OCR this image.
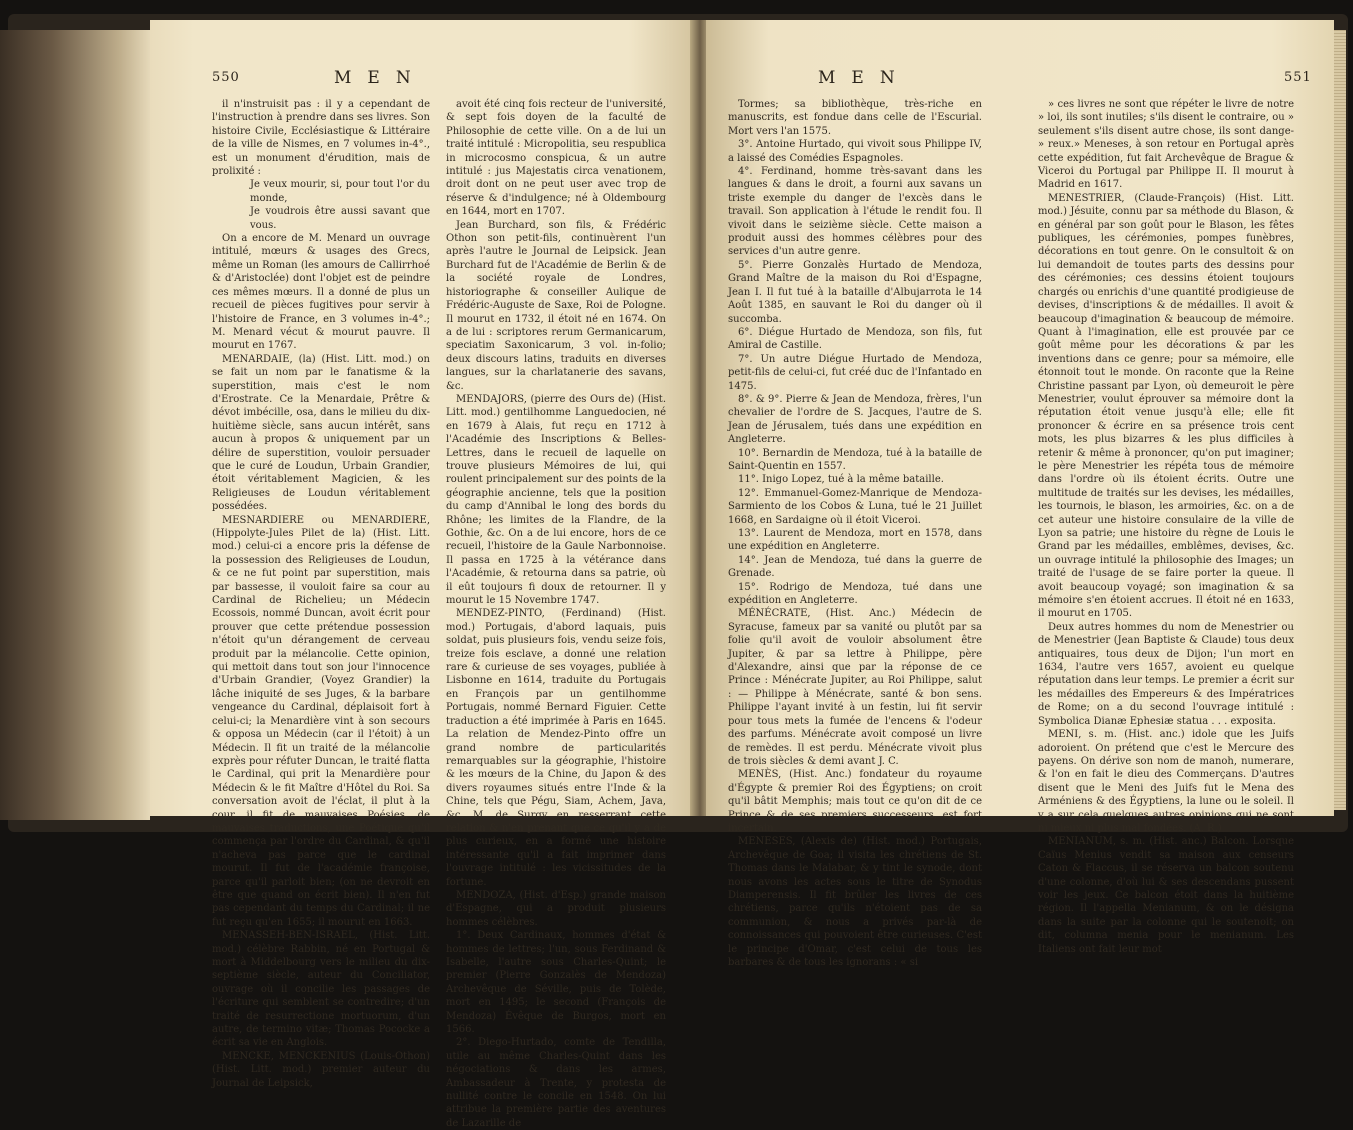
550	MEN

il n'instruisit pas : il y a cependant de l'instruction à prendre dans ses livres. Son histoire Civile, Ecclésiastique & Littéraire de la ville de Nismes, en 7 volumes in-4°., est un monument d'érudition, mais de prolixité :

Je veux mourir, si, pour tout l'or du monde,

Je voudrois être aussi savant que vous.

On a encore de M. Menard un ouvrage intitulé, mœurs & usages des Grecs, même un Roman (les amours de Callirrhoé & d'Aristoclée) dont l'objet est de peindre ces mêmes mœurs. Il a donné de plus un recueil de pièces fugitives pour servir à l'histoire de France, en 3 volumes in-4°.; M. Menard vécut & mourut pauvre. Il mourut en 1767.

MENARDAIE, (la) (Hist. Litt. mod.) on se fait un nom par le fanatisme & la superstition, mais c'est le nom d'Erostrate. Ce la Menardaie, Prêtre & dévot imbécille, osa, dans le milieu du dix-huitième siècle, sans aucun intérêt, sans aucun à propos & uniquement par un délire de superstition, vouloir persuader que le curé de Loudun, Urbain Grandier, étoit véritablement Magicien, & les Religieuses de Loudun véritablement possédées.

MESNARDIERE ou MENARDIERE, (Hippolyte-Jules Pilet de la) (Hist. Litt. mod.) celui-ci a encore pris la défense de la possession des Religieuses de Loudun, & ce ne fut point par superstition, mais par bassesse, il vouloit faire sa cour au Cardinal de Richelieu; un Médecin Ecossois, nommé Duncan, avoit écrit pour prouver que cette prétendue possession n'étoit qu'un dérangement de cerveau produit par la mélancolie. Cette opinion, qui mettoit dans tout son jour l'innocence d'Urbain Grandier, (Voyez Grandier) la lâche iniquité de ses Juges, & la barbare vengeance du Cardinal, déplaisoit fort à celui-ci; la Menardière vint à son secours & opposa un Médecin (car il l'étoit) à un Médecin. Il fit un traité de la mélancolie exprès pour réfuter Duncan, le traité flatta le Cardinal, qui prit la Menardière pour Médecin & le fit Maître d'Hôtel du Roi. Sa conversation avoit de l'éclat, il plut à la cour, il fit de mauvaises Poésies, de mauvaises traductions, une Poétique qu'il commença par l'ordre du Cardinal, & qu'il n'acheva pas parce que le cardinal mourut. Il fut de l'académie françoise, parce qu'il parloit bien; (on ne devroit en être que quand on écrit bien). Il n'en fut pas cependant du temps du Cardinal; il ne fut reçu qu'en 1655; il mourut en 1663.

MENASSEH-BEN-ISRAEL, (Hist. Litt. mod.) célèbre Rabbin, né en Portugal & mort à Middelbourg vers le milieu du dix-septième siècle, auteur du Conciliator, ouvrage où il concilie les passages de l'écriture qui semblent se contredire; d'un traité de resurrectione mortuorum, d'un autre, de termino vitæ; Thomas Pococke a écrit sa vie en Anglois.

MENCKE, MENCKENIUS (Louis-Othon) (Hist. Litt. mod.) premier auteur du Journal de Leipsick,

avoit été cinq fois recteur de l'université, & sept fois doyen de la faculté de Philosophie de cette ville. On a de lui un traité intitulé : Micropolitia, seu respublica in microcosmo conspicua, & un autre intitulé : jus Majestatis circa venationem, droit dont on ne peut user avec trop de réserve & d'indulgence; né à Oldembourg en 1644, mort en 1707.

Jean Burchard, son fils, & Frédéric Othon son petit-fils, continuèrent l'un après l'autre le Journal de Leipsick. Jean Burchard fut de l'Académie de Berlin & de la société royale de Londres, historiographe & conseiller Aulique de Frédéric-Auguste de Saxe, Roi de Pologne. Il mourut en 1732, il étoit né en 1674. On a de lui : scriptores rerum Germanicarum, speciatim Saxonicarum, 3 vol. in-folio; deux discours latins, traduits en diverses langues, sur la charlatanerie des savans, &c.

MENDAJORS, (pierre des Ours de) (Hist. Litt. mod.) gentilhomme Languedocien, né en 1679 à Alais, fut reçu en 1712 à l'Académie des Inscriptions & Belles-Lettres, dans le recueil de laquelle on trouve plusieurs Mémoires de lui, qui roulent principalement sur des points de la géographie ancienne, tels que la position du camp d'Annibal le long des bords du Rhône; les limites de la Flandre, de la Gothie, &c. On a de lui encore, hors de ce recueil, l'histoire de la Gaule Narbonnoise. Il passa en 1725 à la vétérance dans l'Académie, & retourna dans sa patrie, où il eût toujours fi doux de retourner. Il y mourut le 15 Novembre 1747.

MENDEZ-PINTO, (Ferdinand) (Hist. mod.) Portugais, d'abord laquais, puis soldat, puis plusieurs fois, vendu seize fois, treize fois esclave, a donné une relation rare & curieuse de ses voyages, publiée à Lisbonne en 1614, traduite du Portugais en François par un gentilhomme Portugais, nommé Bernard Figuier. Cette traduction a été imprimée à Paris en 1645. La relation de Mendez-Pinto offre un grand nombre de particularités remarquables sur la géographie, l'histoire & les mœurs de la Chine, du Japon & des divers royaumes situés entre l'Inde & la Chine, tels que Pégu, Siam, Achem, Java, &c. M. de Surgy en resserrant cette relation & n'en prenant que ce qu'il y a de plus curieux, en a formé une histoire intéressante qu'il a fait imprimer dans l'ouvrage intitulé : les vicissitudes de la fortune.

MENDOZA, (Hist. d'Esp.) grande maison d'Espagne, qui a produit plusieurs hommes célèbres.

1°. Deux Cardinaux, hommes d'état & hommes de lettres; l'un, sous Ferdinand & Isabelle, l'autre sous Charles-Quint; le premier (Pierre Gonzalès de Mendoza) Archevêque de Séville, puis de Tolède, mort en 1495; le second (François de Mendoza) Évêque de Burgos, mort en 1566.

2°. Diego-Hurtado, comte de Tendilla, utile au même Charles-Quint dans les négociations & dans les armes, Ambassadeur à Trente, y protesta de nullité contre le concile en 1548. On lui attribue la première partie des aventures de Lazarille de

MEN	551

Tormes; sa bibliothèque, très-riche en manuscrits, est fondue dans celle de l'Escurial. Mort vers l'an 1575.

3°. Antoine Hurtado, qui vivoit sous Philippe IV, a laissé des Comédies Espagnoles.

4°. Ferdinand, homme très-savant dans les langues & dans le droit, a fourni aux savans un triste exemple du danger de l'excès dans le travail. Son application à l'étude le rendit fou. Il vivoit dans le seizième siècle. Cette maison a produit aussi des hommes célèbres pour des services d'un autre genre.

5°. Pierre Gonzalès Hurtado de Mendoza, Grand Maître de la maison du Roi d'Espagne, Jean I. Il fut tué à la bataille d'Albujarrota le 14 Août 1385, en sauvant le Roi du danger où il succomba.

6°. Diégue Hurtado de Mendoza, son fils, fut Amiral de Castille.

7°. Un autre Diégue Hurtado de Mendoza, petit-fils de celui-ci, fut créé duc de l'Infantado en 1475.

8°. & 9°. Pierre & Jean de Mendoza, frères, l'un chevalier de l'ordre de S. Jacques, l'autre de S. Jean de Jérusalem, tués dans une expédition en Angleterre.

10°. Bernardin de Mendoza, tué à la bataille de Saint-Quentin en 1557.

11°. Inigo Lopez, tué à la même bataille.

12°. Emmanuel-Gomez-Manrique de Mendoza-Sarmiento de los Cobos & Luna, tué le 21 Juillet 1668, en Sardaigne où il étoit Viceroi.

13°. Laurent de Mendoza, mort en 1578, dans une expédition en Angleterre.

14°. Jean de Mendoza, tué dans la guerre de Grenade.

15°. Rodrigo de Mendoza, tué dans une expédition en Angleterre.

MÉNÉCRATE, (Hist. Anc.) Médecin de Syracuse, fameux par sa vanité ou plutôt par sa folie qu'il avoit de vouloir absolument être Jupiter, & par sa lettre à Philippe, père d'Alexandre, ainsi que par la réponse de ce Prince : Ménécrate Jupiter, au Roi Philippe, salut : — Philippe à Ménécrate, santé & bon sens. Philippe l'ayant invité à un festin, lui fit servir pour tous mets la fumée de l'encens & l'odeur des parfums. Ménécrate avoit composé un livre de remèdes. Il est perdu. Ménécrate vivoit plus de trois siècles & demi avant J. C.

MENÈS, (Hist. Anc.) fondateur du royaume d'Égypte & premier Roi des Égyptiens; on croit qu'il bâtit Memphis; mais tout ce qu'on dit de ce Prince & de ses premiers successeurs, est fort incertain.

MENESES, (Alexis de) (Hist. mod.) Portugais, Archevêque de Goa; il visita les chrétiens de St. Thomas dans le Malabar, & y tint le synode, dont nous avons les actes sous le titre de Synodus Diamperensis. Il fit brûler les livres de ces chrétiens, parce qu'ils n'étoient pas de sa communion, & nous a privés par-là de connoissances qui pouvoient être curieuses. C'est le principe d'Omar, c'est celui de tous les barbares & de tous les ignorans : « si

» ces livres ne sont que répéter le livre de notre » loi, ils sont inutiles; s'ils disent le contraire, ou » seulement s'ils disent autre chose, ils sont dange- » reux.» Meneses, à son retour en Portugal après cette expédition, fut fait Archevêque de Brague & Viceroi du Portugal par Philippe II. Il mourut à Madrid en 1617.

MENESTRIER, (Claude-François) (Hist. Litt. mod.) Jésuite, connu par sa méthode du Blason, & en général par son goût pour le Blason, les fêtes publiques, les cérémonies, pompes funèbres, décorations en tout genre. On le consultoit & on lui demandoit de toutes parts des dessins pour des cérémonies; ces dessins étoient toujours chargés ou enrichis d'une quantité prodigieuse de devises, d'inscriptions & de médailles. Il avoit & beaucoup d'imagination & beaucoup de mémoire. Quant à l'imagination, elle est prouvée par ce goût même pour les décorations & par les inventions dans ce genre; pour sa mémoire, elle étonnoit tout le monde. On raconte que la Reine Christine passant par Lyon, où demeuroit le père Menestrier, voulut éprouver sa mémoire dont la réputation étoit venue jusqu'à elle; elle fit prononcer & écrire en sa présence trois cent mots, les plus bizarres & les plus difficiles à retenir & même à prononcer, qu'on put imaginer; le père Menestrier les répéta tous de mémoire dans l'ordre où ils étoient écrits. Outre une multitude de traités sur les devises, les médailles, les tournois, le blason, les armoiries, &c. on a de cet auteur une histoire consulaire de la ville de Lyon sa patrie; une histoire du règne de Louis le Grand par les médailles, emblêmes, devises, &c. un ouvrage intitulé la philosophie des Images; un traité de l'usage de se faire porter la queue. Il avoit beaucoup voyagé; son imagination & sa mémoire s'en étoient accrues. Il étoit né en 1633, il mourut en 1705.

Deux autres hommes du nom de Menestrier ou de Menestrier (Jean Baptiste & Claude) tous deux antiquaires, tous deux de Dijon; l'un mort en 1634, l'autre vers 1657, avoient eu quelque réputation dans leur temps. Le premier a écrit sur les médailles des Empereurs & des Impératrices de Rome; on a du second l'ouvrage intitulé : Symbolica Dianæ Ephesiæ statua . . . exposita.

MENI, s. m. (Hist. anc.) idole que les Juifs adoroient. On prétend que c'est le Mercure des payens. On dérive son nom de manoh, numerare, & l'on en fait le dieu des Commerçans. D'autres disent que le Meni des Juifs fut le Mena des Arméniens & des Égyptiens, la lune ou le soleil. Il y a sur cela quelques autres opinions qui ne sont ni mieux ni plus mal fondées. (A. R.)

MENIANUM, s. m. (Hist. anc.) Balcon. Lorsque Caïus Menius vendit sa maison aux censeurs Caton & Flaccus, il se réserva un balcon soutenu d'une colonne, d'où lui & ses descendans pussent voir les jeux. Ce balcon étoit dans la huitième région. Il l'appella Menianum, & on le désigna dans la suite par la colonne qui le soutenoit; on dit, columna menia pour le menianum. Les Italiens ont fait leur mot
